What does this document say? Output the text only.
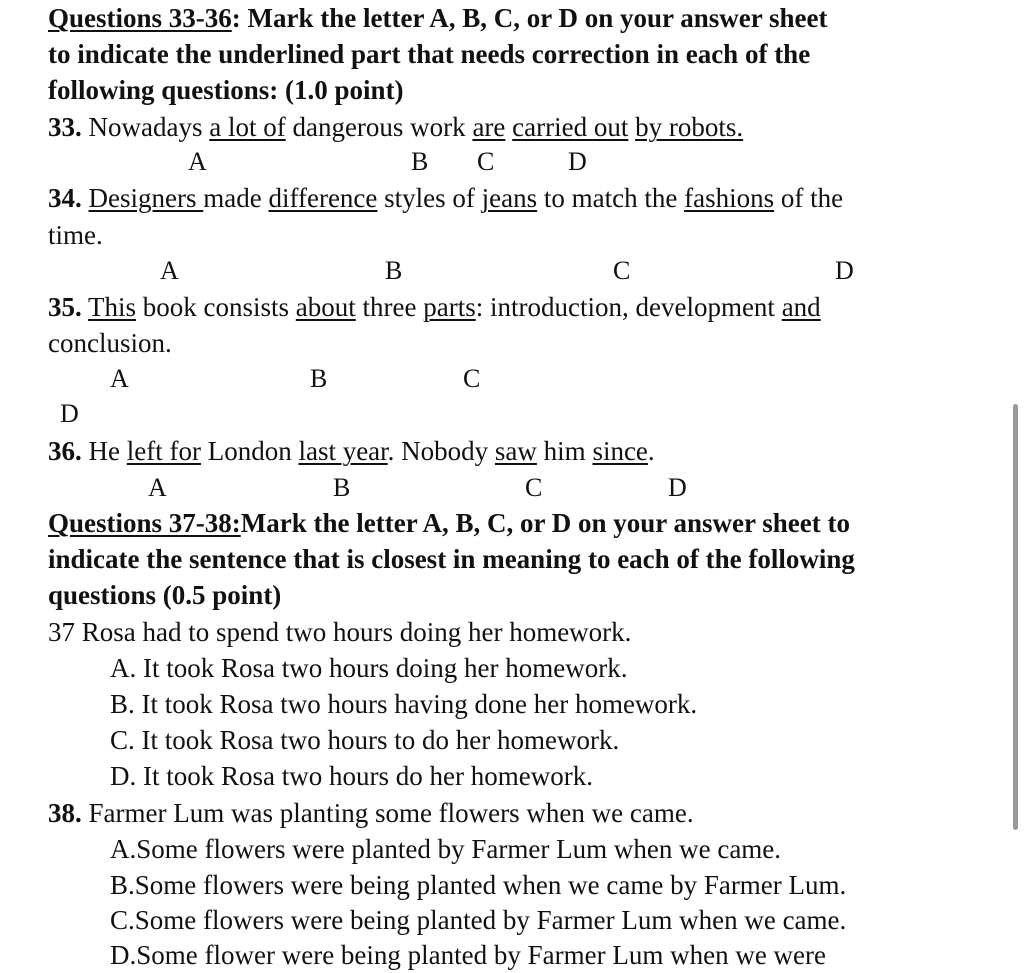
Questions 33-36: Mark the letter A, B, C, or D on your answer sheet
to indicate the underlined part that needs correction in each of the
following questions: (1.0 point)
33. Nowadays a lot of dangerous work are carried out by robots.
A	B C	D
34. Designers made difference styles of jeans to match the fashions of the
time.
A	B	C	D
35. This book consists about three parts: introduction, development and
conclusion.
A	B	C
D
36. He left for London last year. Nobody saw him since.
A	B	C	D
Questions 37-38:Mark the letter A, B, C, or D on your answer sheet to
indicate the sentence that is closest in meaning to each of the following
questions (0.5 point)
37 Rosa had to spend two hours doing her homework.
A. It took Rosa two hours doing her homework.
B. It took Rosa two hours having done her homework.
C. It took Rosa two hours to do her homework.
D. It took Rosa two hours do her homework.
38. Farmer Lum was planting some flowers when we came.
A.Some flowers were planted by Farmer Lum when we came.
B.Some flowers were being planted when we came by Farmer Lum.
C.Some flowers were being planted by Farmer Lum when we came.
D.Some flower were being planted by Farmer Lum when we were
